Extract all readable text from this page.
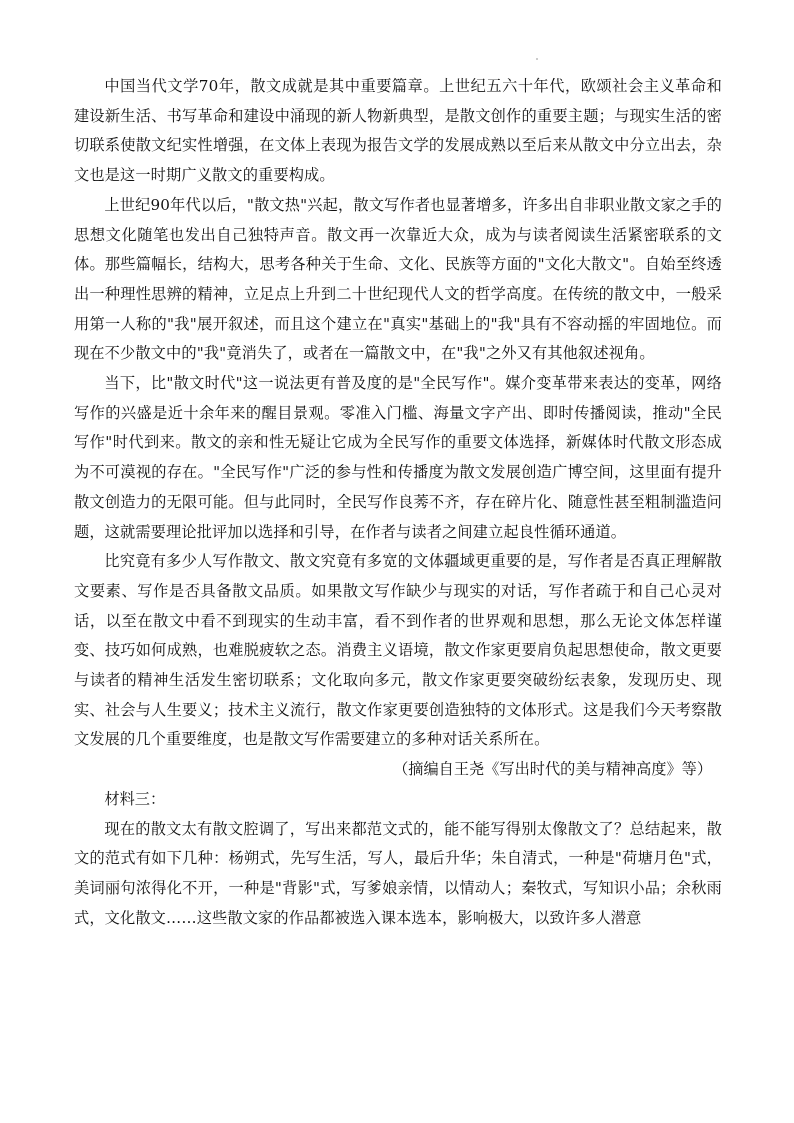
中国当代文学70年，散文成就是其中重要篇章。上世纪五六十年代，欧颂社会主义革命和建设新生活、书写革命和建设中涌现的新人物新典型，是散文创作的重要主题；与现实生活的密切联系使散文纪实性增强，在文体上表现为报告文学的发展成熟以至后来从散文中分立出去，杂文也是这一时期广义散文的重要构成。

上世纪90年代以后，"散文热"兴起，散文写作者也显著增多，许多出自非职业散文家之手的思想文化随笔也发出自己独特声音。散文再一次靠近大众，成为与读者阅读生活紧密联系的文体。那些篇幅长，结构大，思考各种关于生命、文化、民族等方面的"文化大散文"。自始至终透出一种理性思辨的精神，立足点上升到二十世纪现代人文的哲学高度。在传统的散文中，一般采用第一人称的"我"展开叙述，而且这个建立在"真实"基础上的"我"具有不容动摇的牢固地位。而现在不少散文中的"我"竟消失了，或者在一篇散文中，在"我"之外又有其他叙述视角。

当下，比"散文时代"这一说法更有普及度的是"全民写作"。媒介变革带来表达的变革，网络写作的兴盛是近十余年来的醒目景观。零准入门槛、海量文字产出、即时传播阅读，推动"全民写作"时代到来。散文的亲和性无疑让它成为全民写作的重要文体选择，新媒体时代散文形态成为不可漠视的存在。"全民写作"广泛的参与性和传播度为散文发展创造广博空间，这里面有提升散文创造力的无限可能。但与此同时，全民写作良莠不齐，存在碎片化、随意性甚至粗制滥造问题，这就需要理论批评加以选择和引导，在作者与读者之间建立起良性循环通道。

比究竟有多少人写作散文、散文究竟有多宽的文体疆域更重要的是，写作者是否真正理解散文要素、写作是否具备散文品质。如果散文写作缺少与现实的对话，写作者疏于和自己心灵对话，以至在散文中看不到现实的生动丰富，看不到作者的世界观和思想，那么无论文体怎样谨变、技巧如何成熟，也难脱疲软之态。消费主义语境，散文作家更要肩负起思想使命，散文更要与读者的精神生活发生密切联系；文化取向多元，散文作家更要突破纷纭表象，发现历史、现实、社会与人生要义；技术主义流行，散文作家更要创造独特的文体形式。这是我们今天考察散文发展的几个重要维度，也是散文写作需要建立的多种对话关系所在。

（摘编自王尧《写出时代的美与精神高度》等）

材料三：

现在的散文太有散文腔调了，写出来都范文式的，能不能写得别太像散文了？总结起来，散文的范式有如下几种：杨朔式，先写生活，写人，最后升华；朱自清式，一种是"荷塘月色"式，美词丽句浓得化不开，一种是"背影"式，写爹娘亲情，以情动人；秦牧式，写知识小品；余秋雨式，文化散文……这些散文家的作品都被选入课本选本，影响极大，以致许多人潜意
